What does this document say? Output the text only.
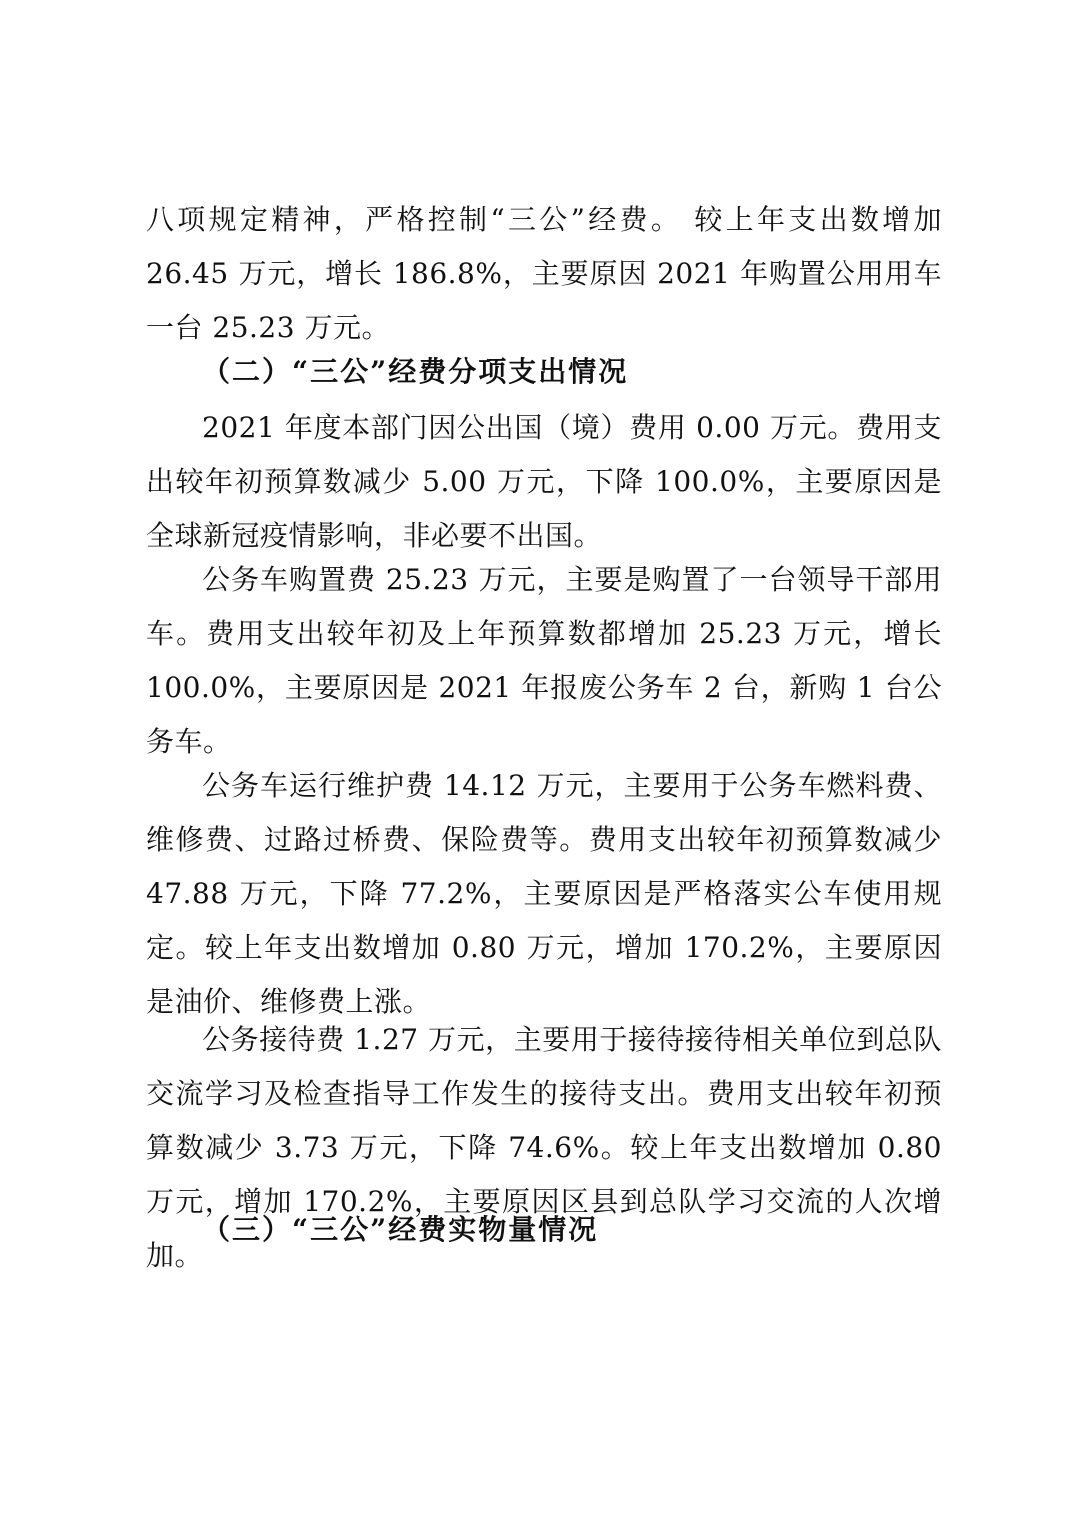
八项规定精神，严格控制“三公”经费。 较上年支出数增加 26.45 万元，增长 186.8%，主要原因 2021 年购置公用用车一台 25.23 万元。

（二）“三公”经费分项支出情况

2021 年度本部门因公出国（境）费用 0.00 万元。费用支出较年初预算数减少 5.00 万元，下降 100.0%，主要原因是全球新冠疫情影响，非必要不出国。

公务车购置费 25.23 万元，主要是购置了一台领导干部用车。费用支出较年初及上年预算数都增加 25.23 万元，增长 100.0%，主要原因是 2021 年报废公务车 2 台，新购 1 台公务车。

公务车运行维护费 14.12 万元，主要用于公务车燃料费、维修费、过路过桥费、保险费等。费用支出较年初预算数减少 47.88 万元，下降 77.2%，主要原因是严格落实公车使用规定。较上年支出数增加 0.80 万元，增加 170.2%，主要原因是油价、维修费上涨。

公务接待费 1.27 万元，主要用于接待接待相关单位到总队交流学习及检查指导工作发生的接待支出。费用支出较年初预算数减少 3.73 万元，下降 74.6%。较上年支出数增加 0.80 万元，增加 170.2%，主要原因区县到总队学习交流的人次增加。

（三）“三公”经费实物量情况
